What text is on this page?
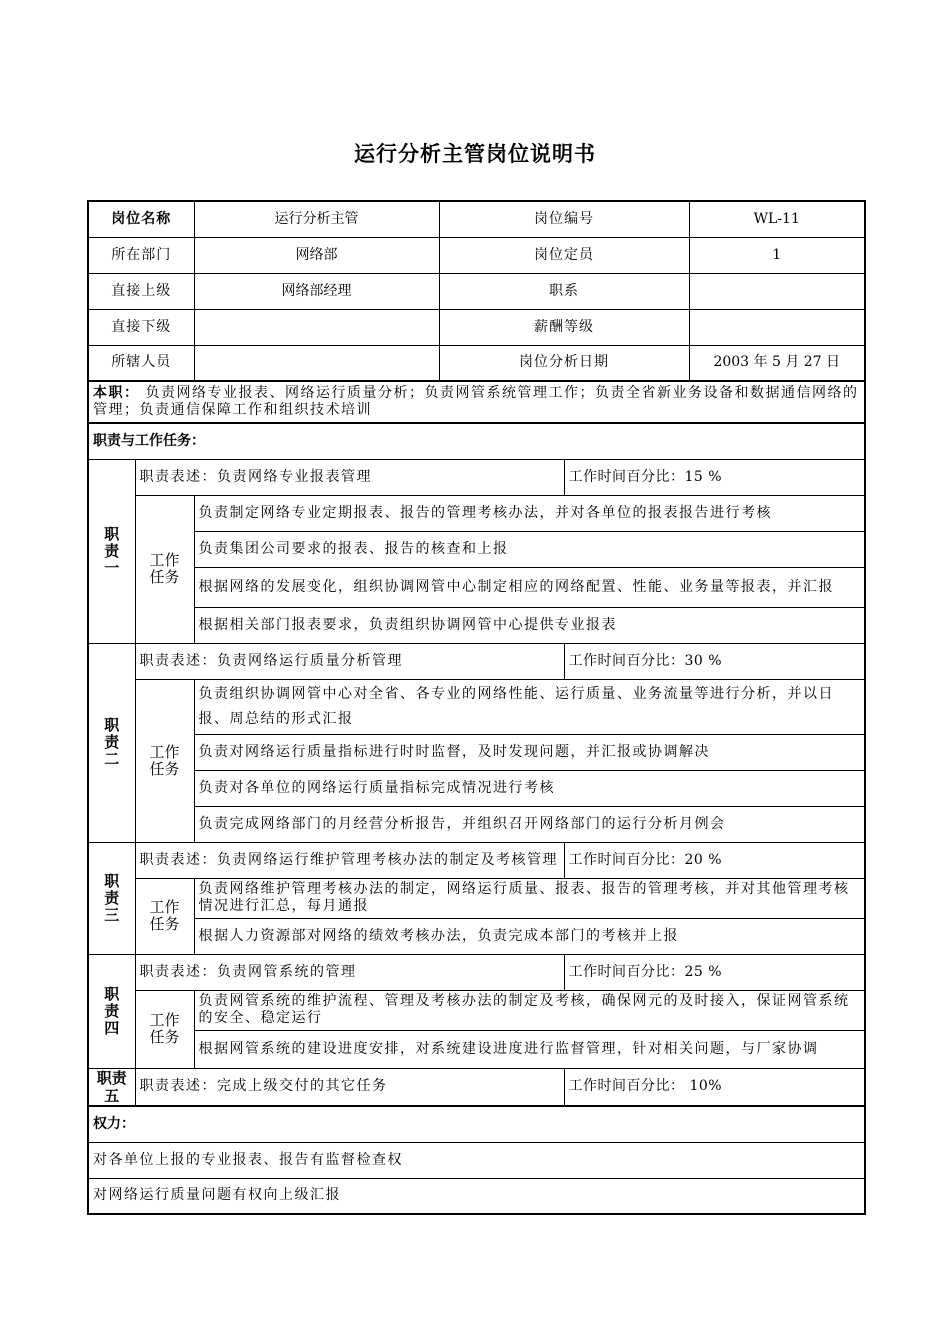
运行分析主管岗位说明书
岗位名称		运行分析主管	岗位编号		WL-11
所在部门		网络部	岗位定员		1
直接上级		网络部经理	职系		
直接下级			薪酬等级		
所辖人员			岗位分析日期		2003 年 5 月 27 日
本职： 负责网络专业报表、网络运行质量分析；负责网管系统管理工作；负责全省新业务设备和数据通信网络的管理；负责通信保障工作和组织技术培训					
职责与工作任务：					

职责一	职责表述：负责网络专业报表管理			工作时间百分比：15 %	

	工作任务	负责制定网络专业定期报表、报告的管理考核办法，并对各单位的报表报告进行考核			
		负责集团公司要求的报表、报告的核查和上报			
		根据网络的发展变化，组织协调网管中心制定相应的网络配置、性能、业务量等报表，并汇报			
		根据相关部门报表要求，负责组织协调网管中心提供专业报表			

职责二	职责表述：负责网络运行质量分析管理			工作时间百分比：30 %	

	工作任务	负责组织协调网管中心对全省、各专业的网络性能、运行质量、业务流量等进行分析，并以日报、周总结的形式汇报			
		负责对网络运行质量指标进行时时监督，及时发现问题，并汇报或协调解决			
		负责对各单位的网络运行质量指标完成情况进行考核			
		负责完成网络部门的月经营分析报告，并组织召开网络部门的运行分析月例会			

职责三	职责表述：负责网络运行维护管理考核办法的制定及考核管理			工作时间百分比：20 %	

	工作任务	负责网络维护管理考核办法的制定，网络运行质量、报表、报告的管理考核，并对其他管理考核情况进行汇总，每月通报			
		根据人力资源部对网络的绩效考核办法，负责完成本部门的考核并上报			

职责四	职责表述：负责网管系统的管理			工作时间百分比：25 %	

	工作任务	负责网管系统的维护流程、管理及考核办法的制定及考核，确保网元的及时接入，保证网管系统的安全、稳定运行			
		根据网管系统的建设进度安排，对系统建设进度进行监督管理，针对相关问题，与厂家协调			

职责五	职责表述：完成上级交付的其它任务			工作时间百分比： 10%	
权力：					
对各单位上报的专业报表、报告有监督检查权					
对网络运行质量问题有权向上级汇报					
